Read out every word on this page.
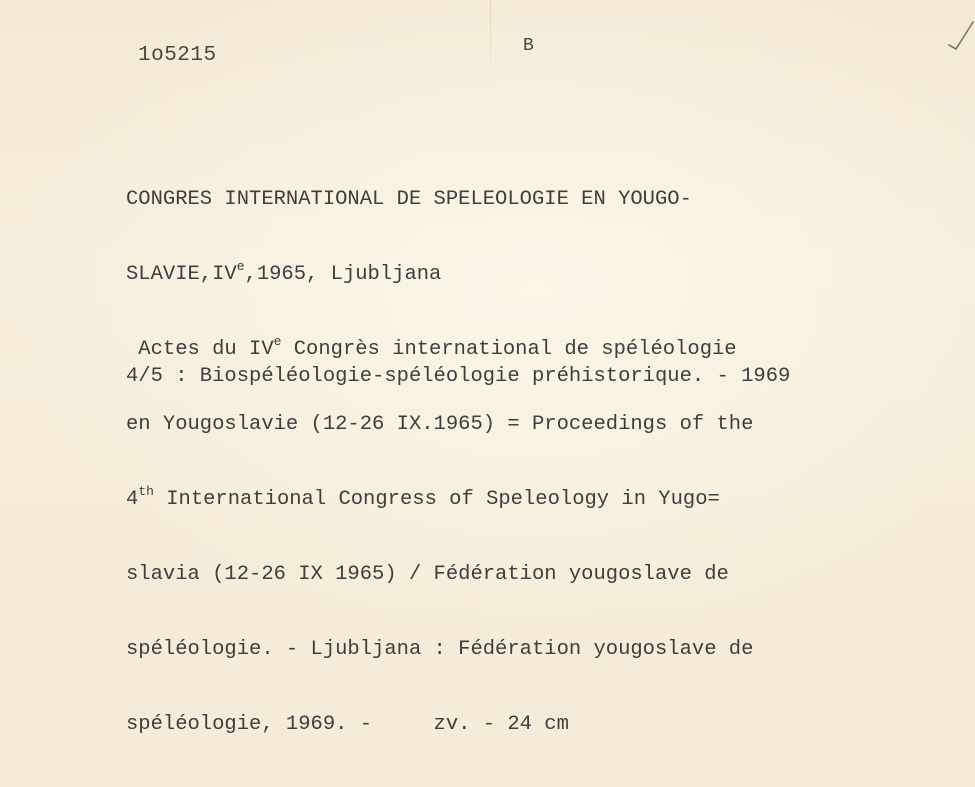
1o5215	B

CONGRES INTERNATIONAL DE SPELEOLOGIE EN YOUGO-

SLAVIE,IVe,1965, Ljubljana

Actes du IVe Congrès international de spéléologie

en Yougoslavie (12-26 IX.1965) = Proceedings of the

4th International Congress of Speleology in Yugo=

slavia (12-26 IX 1965) / Fédération yougoslave de

spéléologie. - Ljubljana : Fédération yougoslave de

spéléologie, 1969. -     zv. - 24 cm

4/5 : Biospéléologie-spéléologie préhistorique. - 1969
